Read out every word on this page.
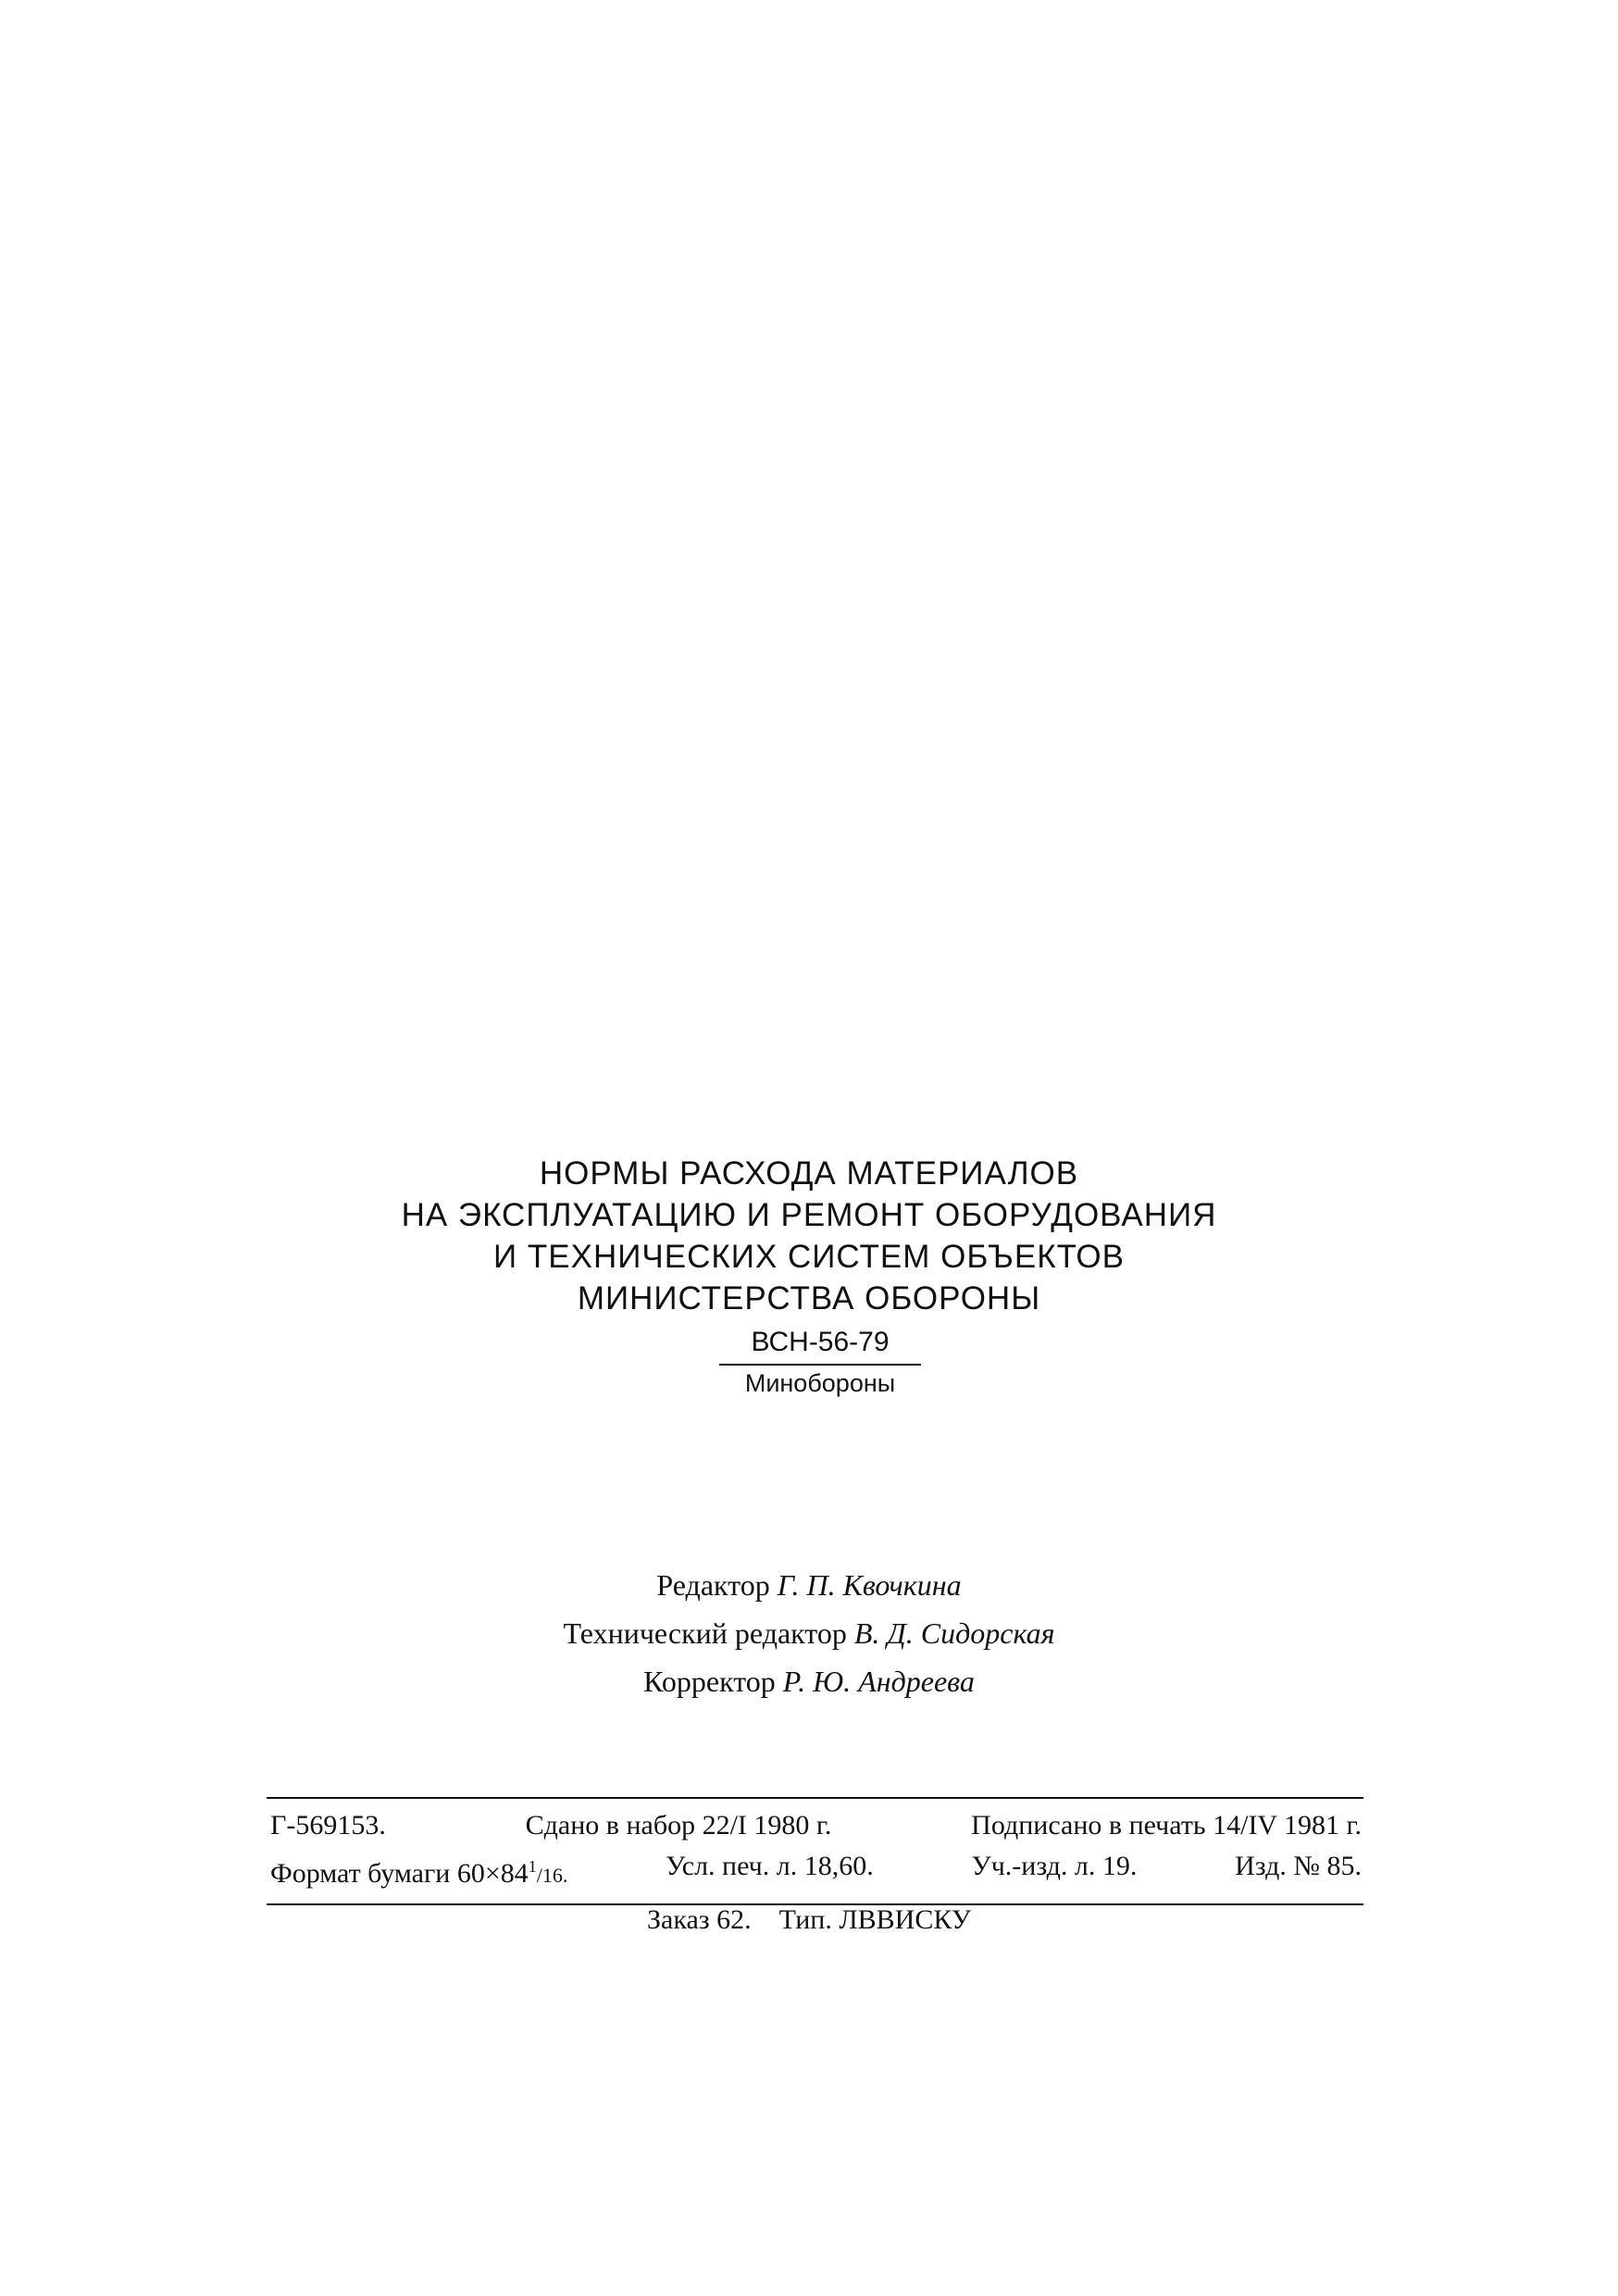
НОРМЫ РАСХОДА МАТЕРИАЛОВ
НА ЭКСПЛУАТАЦИЮ И РЕМОНТ ОБОРУДОВАНИЯ
И ТЕХНИЧЕСКИХ СИСТЕМ ОБЪЕКТОВ
МИНИСТЕРСТВА ОБОРОНЫ
ВСН-56-79
Минобороны
Редактор Г. П. Квочкина
Технический редактор В. Д. Сидорская
Корректор Р. Ю. Андреева
Г-569153.	Сдано в набор 22/I 1980 г.	Подписано в печать 14/IV 1981 г.
Формат бумаги $60\times 84^1/16$.	Усл. печ. л. 18,60.	Уч.-изд. л. 19.	Изд. № 85.
Заказ 62. Тип. ЛВВИСКУ
